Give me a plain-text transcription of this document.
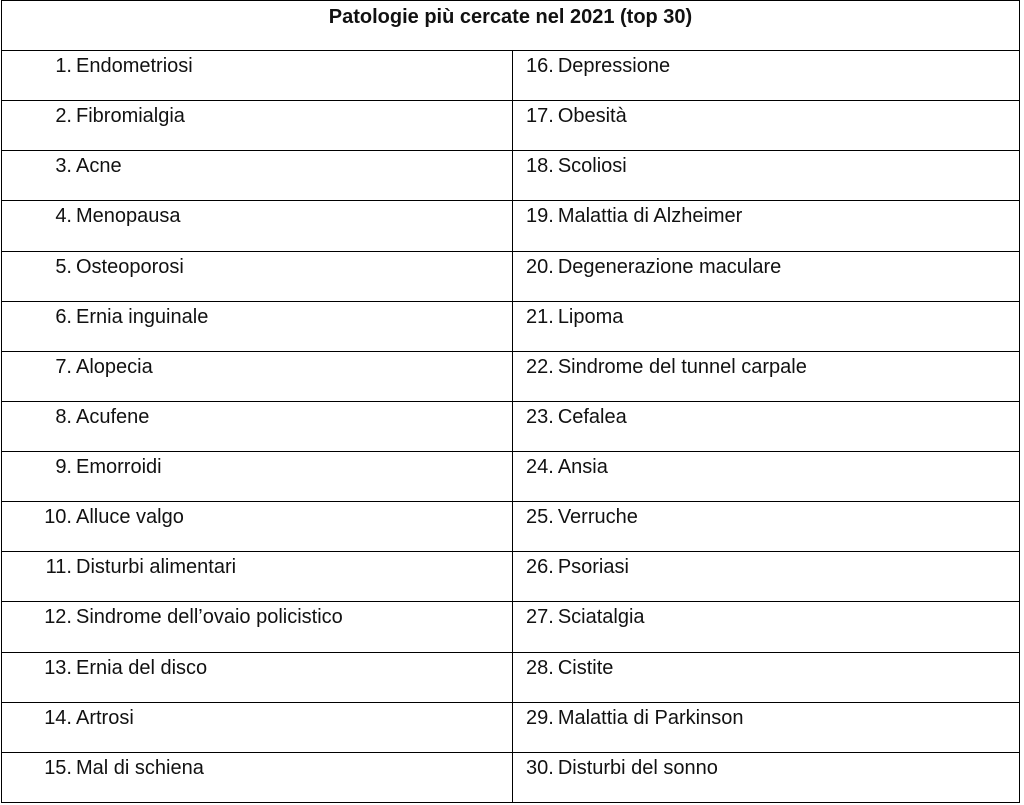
Patologie più cercate nel 2021 (top 30)
1. Endometriosi
2. Fibromialgia
3. Acne
4. Menopausa
5. Osteoporosi
6. Ernia inguinale
7. Alopecia
8. Acufene
9. Emorroidi
10. Alluce valgo
11. Disturbi alimentari
12. Sindrome dell’ovaio policistico
13. Ernia del disco
14. Artrosi
15. Mal di schiena
16. Depressione
17. Obesità
18. Scoliosi
19. Malattia di Alzheimer
20. Degenerazione maculare
21. Lipoma
22. Sindrome del tunnel carpale
23. Cefalea
24. Ansia
25. Verruche
26. Psoriasi
27. Sciatalgia
28. Cistite
29. Malattia di Parkinson
30. Disturbi del sonno
